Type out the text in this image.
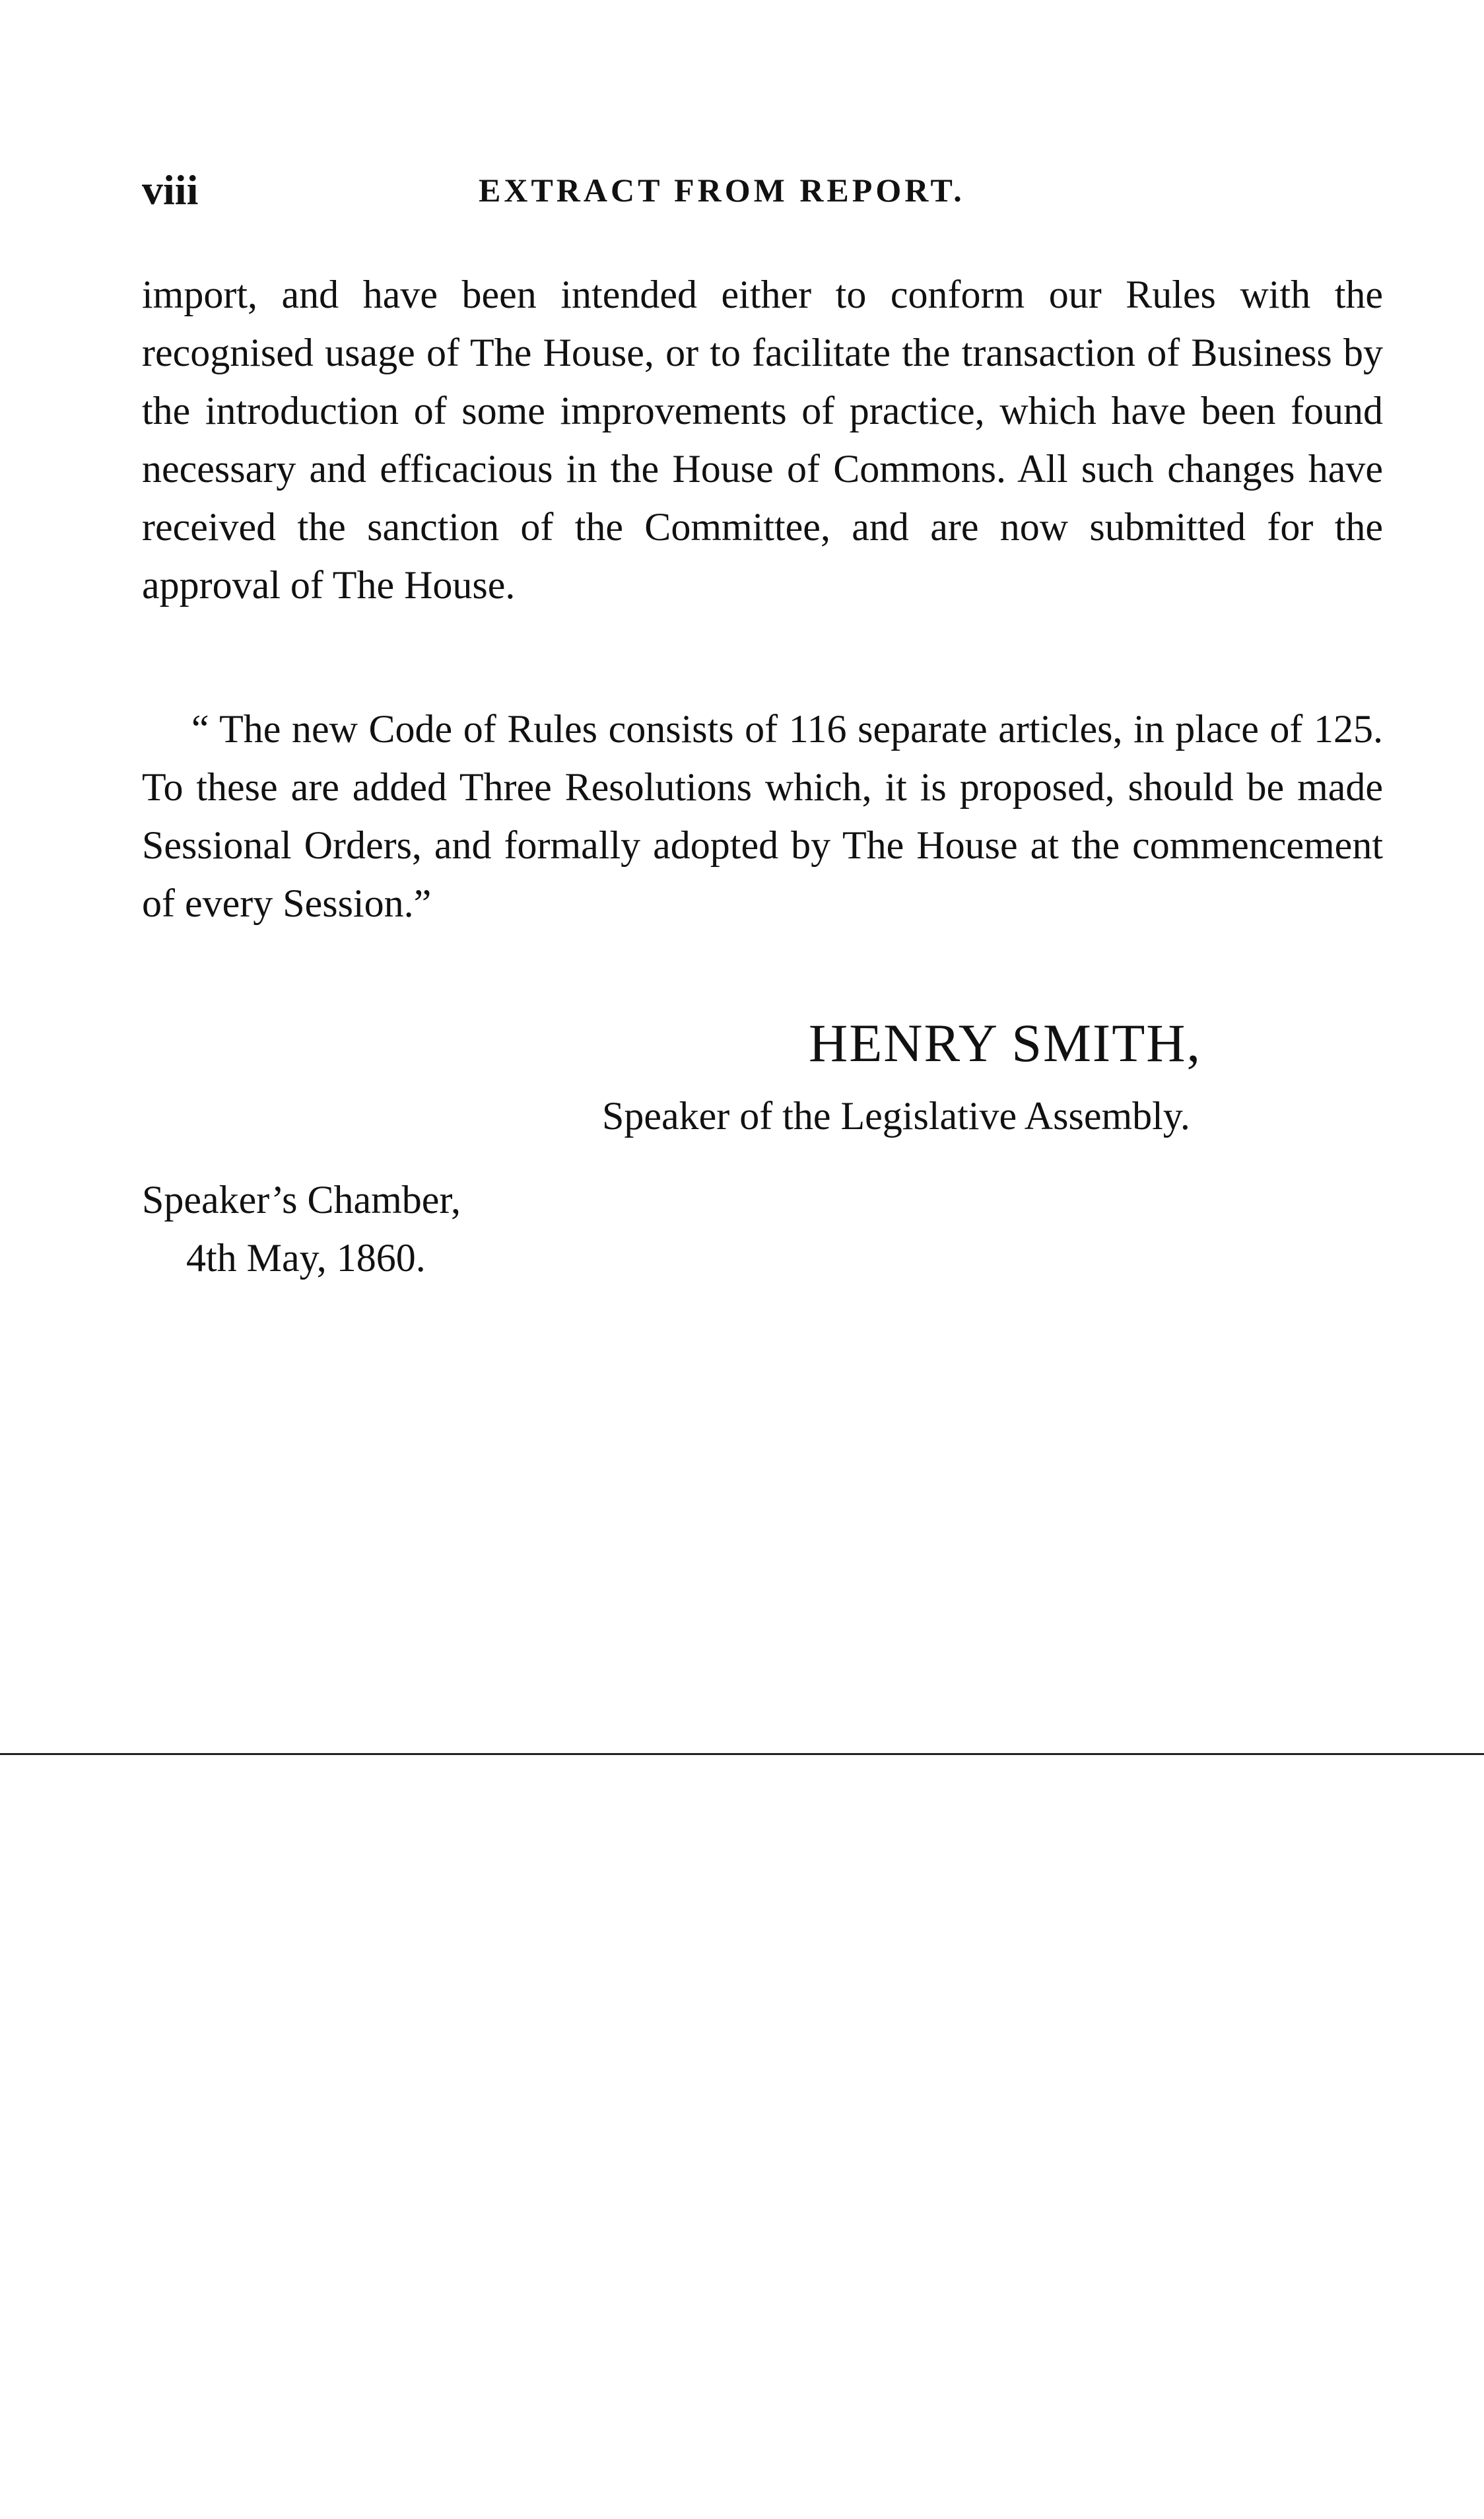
viii	EXTRACT FROM REPORT.

import, and have been intended either to conform our Rules with the recognised usage of The House, or to facilitate the transaction of Business by the introduction of some improvements of practice, which have been found necessary and efficacious in the House of Commons. All such changes have received the sanction of the Committee, and are now submitted for the approval of The House.

“ The new Code of Rules consists of 116 separate articles, in place of 125. To these are added Three Resolutions which, it is proposed, should be made Sessional Orders, and formally adopted by The House at the commencement of every Session.”

HENRY SMITH,
Speaker of the Legislative Assembly.
Speaker’s Chamber,
4th May, 1860.
